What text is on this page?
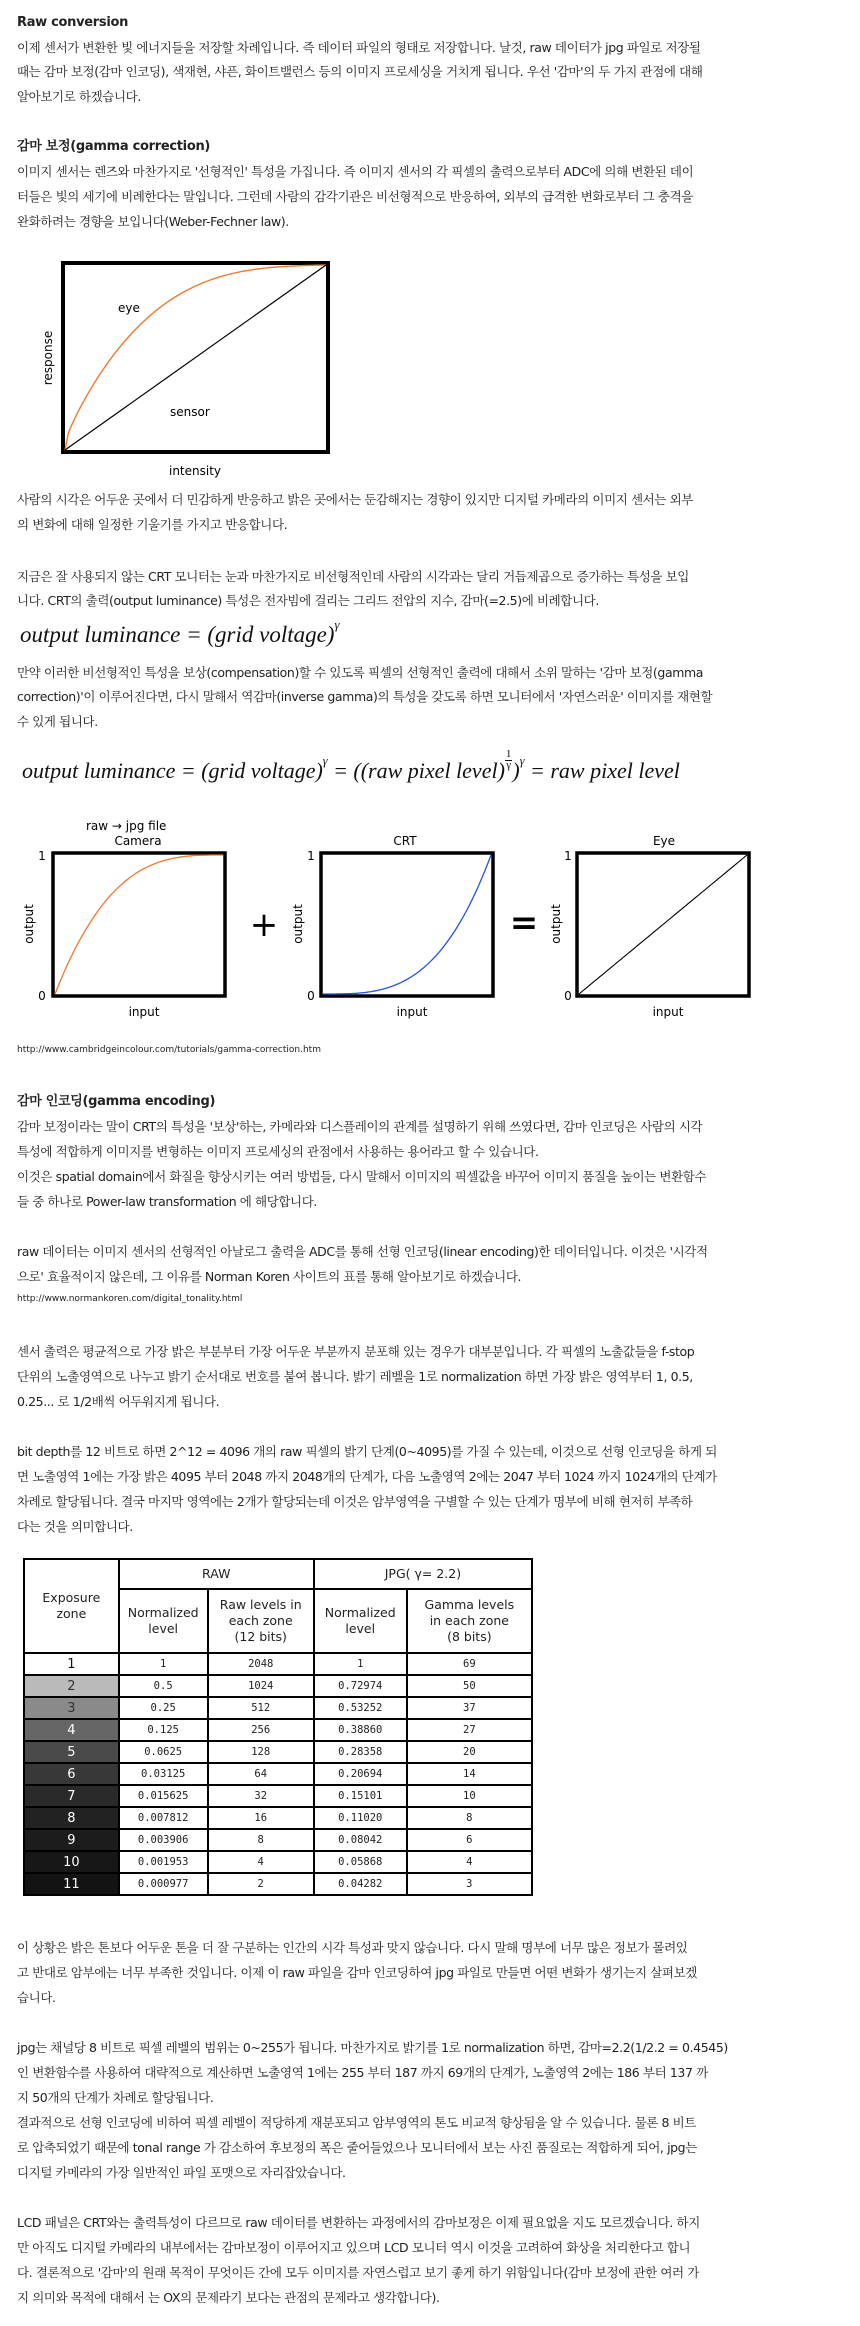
Raw conversion
이제 센서가 변환한 빛 에너지들을 저장할 차례입니다. 즉 데이터 파일의 형태로 저장합니다. 날것, raw 데이터가 jpg 파일로 저장될
때는 감마 보정(감마 인코딩), 색재현, 샤픈, 화이트밸런스 등의 이미지 프로세싱을 거치게 됩니다. 우선 '감마'의 두 가지 관점에 대해
알아보기로 하겠습니다.
감마 보정(gamma correction)
이미지 센서는 렌즈와 마찬가지로 '선형적인' 특성을 가집니다. 즉 이미지 센서의 각 픽셀의 출력으로부터 ADC에 의해 변환된 데이
터들은 빛의 세기에 비례한다는 말입니다. 그런데 사람의 감각기관은 비선형적으로 반응하여, 외부의 급격한 변화로부터 그 충격을
완화하려는 경향을 보입니다(Weber-Fechner law).
eye
sensor
intensity
response
사람의 시각은 어두운 곳에서 더 민감하게 반응하고 밝은 곳에서는 둔감해지는 경향이 있지만 디지털 카메라의 이미지 센서는 외부
의 변화에 대해 일정한 기울기를 가지고 반응합니다.
지금은 잘 사용되지 않는 CRT 모니터는 눈과 마찬가지로 비선형적인데 사람의 시각과는 달리 거듭제곱으로 증가하는 특성을 보입
니다. CRT의 출력(output luminance) 특성은 전자빔에 걸리는 그리드 전압의 지수, 감마(=2.5)에 비례합니다.
output luminance = (grid voltage)$^\gamma$
만약 이러한 비선형적인 특성을 보상(compensation)할 수 있도록 픽셀의 선형적인 출력에 대해서 소위 말하는 '감마 보정(gamma
correction)'이 이루어진다면, 다시 말해서 역감마(inverse gamma)의 특성을 갖도록 하면 모니터에서 '자연스러운' 이미지를 재현할
수 있게 됩니다.
output luminance = (grid voltage)$^\gamma$ = ((raw pixel level) $\frac{1}{\gamma} )^\gamma$ = raw pixel level
raw → jpg file
Camera
1
0
output
input
+
CRT
1
0
output
input
=
Eye
1
0
output
input
http://www.cambridgeincolour.com/tutorials/gamma-correction.htm
감마 인코딩(gamma encoding)
감마 보정이라는 말이 CRT의 특성을 '보상'하는, 카메라와 디스플레이의 관계를 설명하기 위해 쓰였다면, 감마 인코딩은 사람의 시각
특성에 적합하게 이미지를 변형하는 이미지 프로세싱의 관점에서 사용하는 용어라고 할 수 있습니다.
이것은 spatial domain에서 화질을 향상시키는 여러 방법들, 다시 말해서 이미지의 픽셀값을 바꾸어 이미지 품질을 높이는 변환함수
들 중 하나로 Power-law transformation 에 해당합니다.
raw 데이터는 이미지 센서의 선형적인 아날로그 출력을 ADC를 통해 선형 인코딩(linear encoding)한 데이터입니다. 이것은 '시각적
으로' 효율적이지 않은데, 그 이유를 Norman Koren 사이트의 표를 통해 알아보기로 하겠습니다.
http://www.normankoren.com/digital_tonality.html
센서 출력은 평균적으로 가장 밝은 부분부터 가장 어두운 부분까지 분포해 있는 경우가 대부분입니다. 각 픽셀의 노출값들을 f-stop
단위의 노출영역으로 나누고 밝기 순서대로 번호를 붙여 봅니다. 밝기 레벨을 1로 normalization 하면 가장 밝은 영역부터 1, 0.5,
0.25... 로 1/2배씩 어두워지게 됩니다.
bit depth를 12 비트로 하면 2^12 = 4096 개의 raw 픽셀의 밝기 단계(0~4095)를 가질 수 있는데, 이것으로 선형 인코딩을 하게 되
면 노출영역 1에는 가장 밝은 4095 부터 2048 까지 2048개의 단계가, 다음 노출영역 2에는 2047 부터 1024 까지 1024개의 단계가
차례로 할당됩니다. 결국 마지막 영역에는 2개가 할당되는데 이것은 암부영역을 구별할 수 있는 단계가 명부에 비해 현저히 부족하
다는 것을 의미합니다.
Exposure zone	RAW		JPG( γ= 2.2)	
	Normalized level	Raw levels in each zone (12 bits)	Normalized level	Gamma levels in each zone (8 bits)
1	1	2048	1	69
2	0.5	1024	0.72974	50
3	0.25	512	0.53252	37
4	0.125	256	0.38860	27
5	0.0625	128	0.28358	20
6	0.03125	64	0.20694	14
7	0.015625	32	0.15101	10
8	0.007812	16	0.11020	8
9	0.003906	8	0.08042	6
10	0.001953	4	0.05868	4
11	0.000977	2	0.04282	3
이 상황은 밝은 톤보다 어두운 톤을 더 잘 구분하는 인간의 시각 특성과 맞지 않습니다. 다시 말해 명부에 너무 많은 정보가 몰려있
고 반대로 암부에는 너무 부족한 것입니다. 이제 이 raw 파일을 감마 인코딩하여 jpg 파일로 만들면 어떤 변화가 생기는지 살펴보겠
습니다.
jpg는 채널당 8 비트로 픽셀 레벨의 범위는 0~255가 됩니다. 마찬가지로 밝기를 1로 normalization 하면, 감마=2.2(1/2.2 = 0.4545)
인 변환함수를 사용하여 대략적으로 계산하면 노출영역 1에는 255 부터 187 까지 69개의 단계가, 노출영역 2에는 186 부터 137 까
지 50개의 단계가 차례로 할당됩니다.
결과적으로 선형 인코딩에 비하여 픽셀 레벨이 적당하게 재분포되고 암부영역의 톤도 비교적 향상됨을 알 수 있습니다. 물론 8 비트
로 압축되었기 때문에 tonal range 가 감소하여 후보정의 폭은 줄어들었으나 모니터에서 보는 사진 품질로는 적합하게 되어, jpg는
디지털 카메라의 가장 일반적인 파일 포맷으로 자리잡았습니다.
LCD 패널은 CRT와는 출력특성이 다르므로 raw 데이터를 변환하는 과정에서의 감마보정은 이제 필요없을 지도 모르겠습니다. 하지
만 아직도 디지털 카메라의 내부에서는 감마보정이 이루어지고 있으며 LCD 모니터 역시 이것을 고려하여 화상을 처리한다고 합니
다. 결론적으로 '감마'의 원래 목적이 무엇이든 간에 모두 이미지를 자연스럽고 보기 좋게 하기 위함입니다(감마 보정에 관한 여러 가
지 의미와 목적에 대해서 는 OX의 문제라기 보다는 관점의 문제라고 생각합니다).
